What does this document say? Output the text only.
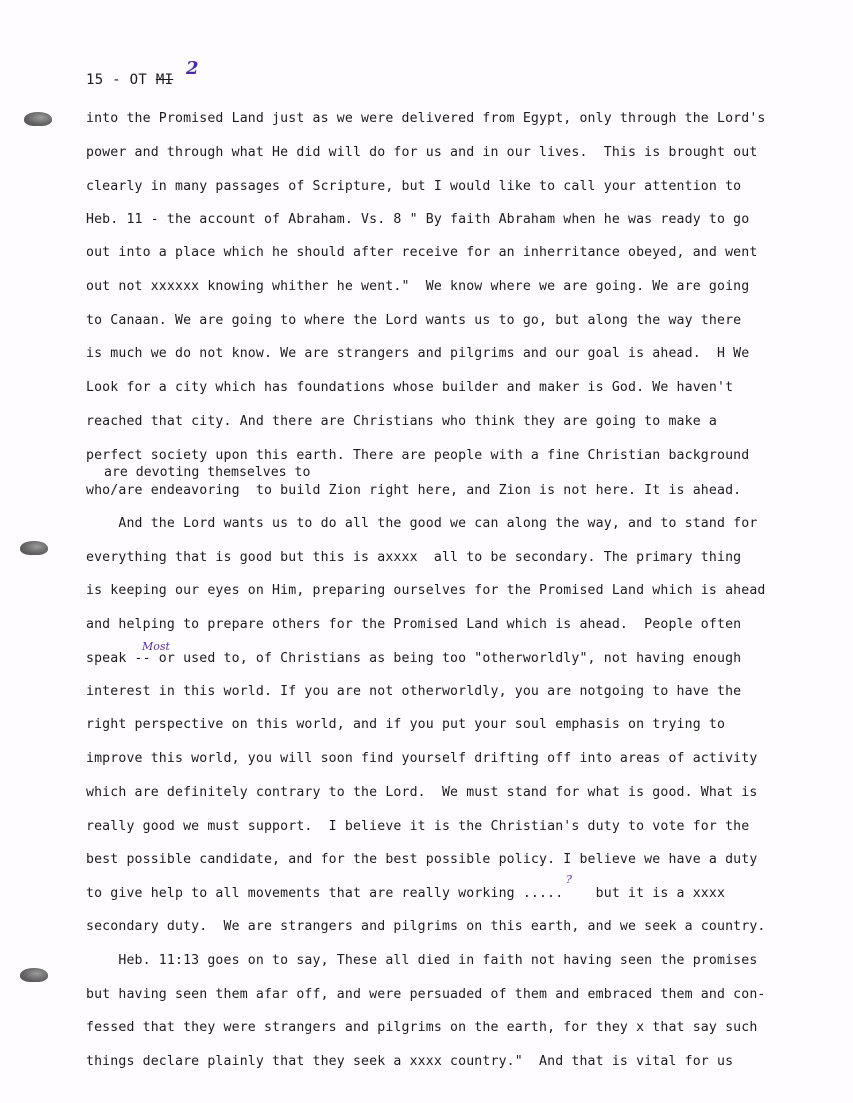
15 - OT MI
2
into the Promised Land just as we were delivered from Egypt, only through the Lord's
power and through what He did will do for us and in our lives.  This is brought out
clearly in many passages of Scripture, but I would like to call your attention to
Heb. 11 - the account of Abraham. Vs. 8 " By faith Abraham when he was ready to go
out into a place which he should after receive for an inherritance obeyed, and went
out not xxxxxx knowing whither he went."  We know where we are going. We are going
to Canaan. We are going to where the Lord wants us to go, but along the way there
is much we do not know. We are strangers and pilgrims and our goal is ahead.  H We
Look for a city which has foundations whose builder and maker is God. We haven't
reached that city. And there are Christians who think they are going to make a
perfect society upon this earth. There are people with a fine Christian background
are devoting themselves to
who/are endeavoring  to build Zion right here, and Zion is not here. It is ahead.
And the Lord wants us to do all the good we can along the way, and to stand for
everything that is good but this is axxxx  all to be secondary. The primary thing
is keeping our eyes on Him, preparing ourselves for the Promised Land which is ahead
and helping to prepare others for the Promised Land which is ahead.  People often
speak -- or used to, of Christians as being too "otherworldly", not having enough
interest in this world. If you are not otherworldly, you are notgoing to have the
right perspective on this world, and if you put your soul emphasis on trying to
improve this world, you will soon find yourself drifting off into areas of activity
which are definitely contrary to the Lord.  We must stand for what is good. What is
really good we must support.  I believe it is the Christian's duty to vote for the
best possible candidate, and for the best possible policy. I believe we have a duty
to give help to all movements that are really working .....    but it is a xxxx
secondary duty.  We are strangers and pilgrims on this earth, and we seek a country.
Heb. 11:13 goes on to say, These all died in faith not having seen the promises
but having seen them afar off, and were persuaded of them and embraced them and con-
fessed that they were strangers and pilgrims on the earth, for they x that say such
things declare plainly that they seek a xxxx country."  And that is vital for us
Most
?
